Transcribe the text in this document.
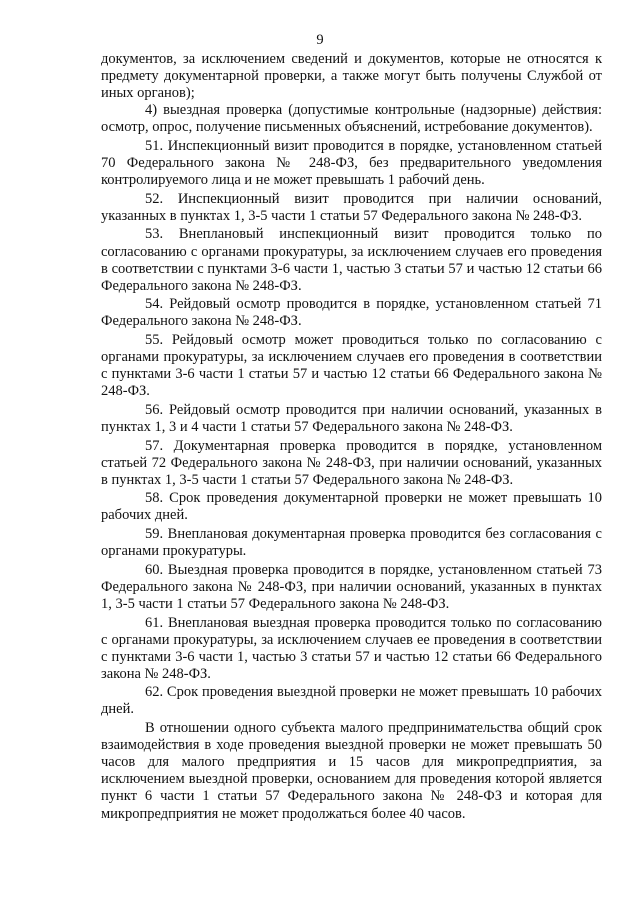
9

документов, за исключением сведений и документов, которые не относятся к предмету документарной проверки, а также могут быть получены Службой от иных органов);

4) выездная проверка (допустимые контрольные (надзорные) действия: осмотр, опрос, получение письменных объяснений, истребование документов).

51. Инспекционный визит проводится в порядке, установленном статьей 70 Федерального закона № 248-ФЗ, без предварительного уведомления контролируемого лица и не может превышать 1 рабочий день.

52. Инспекционный визит проводится при наличии оснований, указанных в пунктах 1, 3-5 части 1 статьи 57 Федерального закона № 248-ФЗ.

53. Внеплановый инспекционный визит проводится только по согласованию с органами прокуратуры, за исключением случаев его проведения в соответствии с пунктами 3-6 части 1, частью 3 статьи 57 и частью 12 статьи 66 Федерального закона № 248-ФЗ.

54. Рейдовый осмотр проводится в порядке, установленном статьей 71 Федерального закона № 248-ФЗ.

55. Рейдовый осмотр может проводиться только по согласованию с органами прокуратуры, за исключением случаев его проведения в соответствии с пунктами 3-6 части 1 статьи 57 и частью 12 статьи 66 Федерального закона № 248-ФЗ.

56. Рейдовый осмотр проводится при наличии оснований, указанных в пунктах 1, 3 и 4 части 1 статьи 57 Федерального закона № 248-ФЗ.

57. Документарная проверка проводится в порядке, установленном статьей 72 Федерального закона № 248-ФЗ, при наличии оснований, указанных в пунктах 1, 3-5 части 1 статьи 57 Федерального закона № 248-ФЗ.

58. Срок проведения документарной проверки не может превышать 10 рабочих дней.

59. Внеплановая документарная проверка проводится без согласования с органами прокуратуры.

60. Выездная проверка проводится в порядке, установленном статьей 73 Федерального закона № 248-ФЗ, при наличии оснований, указанных в пунктах 1, 3-5 части 1 статьи 57 Федерального закона № 248-ФЗ.

61. Внеплановая выездная проверка проводится только по согласованию с органами прокуратуры, за исключением случаев ее проведения в соответствии с пунктами 3-6 части 1, частью 3 статьи 57 и частью 12 статьи 66 Федерального закона № 248-ФЗ.

62. Срок проведения выездной проверки не может превышать 10 рабочих дней.

В отношении одного субъекта малого предпринимательства общий срок взаимодействия в ходе проведения выездной проверки не может превышать 50 часов для малого предприятия и 15 часов для микропредприятия, за исключением выездной проверки, основанием для проведения которой является пункт 6 части 1 статьи 57 Федерального закона № 248-ФЗ и которая для микропредприятия не может продолжаться более 40 часов.
